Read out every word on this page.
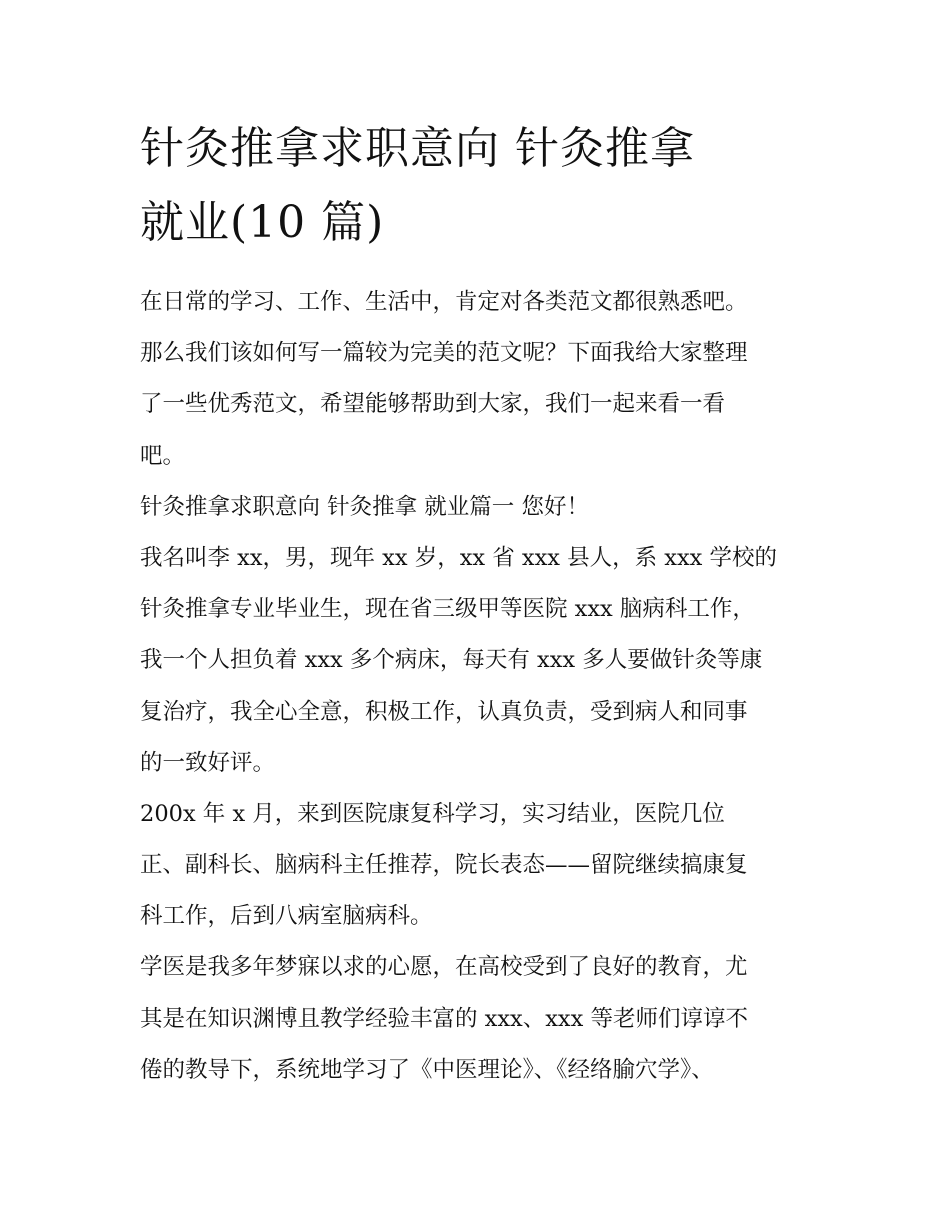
针灸推拿求职意向 针灸推拿
就业(10 篇)
在日常的学习、工作、生活中，肯定对各类范文都很熟悉吧。
那么我们该如何写一篇较为完美的范文呢？下面我给大家整理
了一些优秀范文，希望能够帮助到大家，我们一起来看一看
吧。
针灸推拿求职意向 针灸推拿 就业篇一 您好！
我名叫李 xx，男，现年 xx 岁，xx 省 xxx 县人，系 xxx 学校的
针灸推拿专业毕业生，现在省三级甲等医院 xxx 脑病科工作，
我一个人担负着 xxx 多个病床，每天有 xxx 多人要做针灸等康
复治疗，我全心全意，积极工作，认真负责，受到病人和同事
的一致好评。
200x 年 x 月，来到医院康复科学习，实习结业，医院几位
正、副科长、脑病科主任推荐，院长表态——留院继续搞康复
科工作，后到八病室脑病科。
学医是我多年梦寐以求的心愿，在高校受到了良好的教育，尤
其是在知识渊博且教学经验丰富的 xxx、xxx 等老师们谆谆不
倦的教导下，系统地学习了《中医理论》、《经络腧穴学》、
